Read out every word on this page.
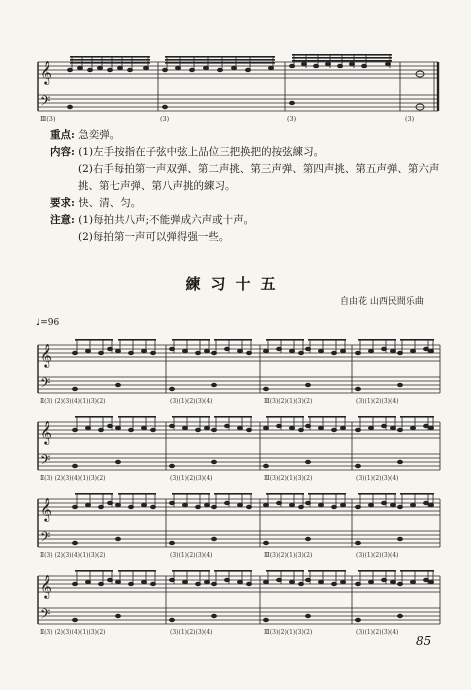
𝄞
𝄢
Ⅲ(3)	(3)	(3)	(3)
重点: 急奕弹。
内容: (1)左手按指在子弦中弦上品位三把换把的按弦練习。
(2)右手每拍第一声双弹、第二声挑、第三声弹、第四声挑、第五声弹、第六声挑、第七声弹、第八声挑的練习。
要求: 快、清、匀。
注意: (1)每拍共八声;不能弹成六声或十声。
(2)每拍第一声可以弹得强一些。
練习十五
自由花 山西民間乐曲
♩=96
85
